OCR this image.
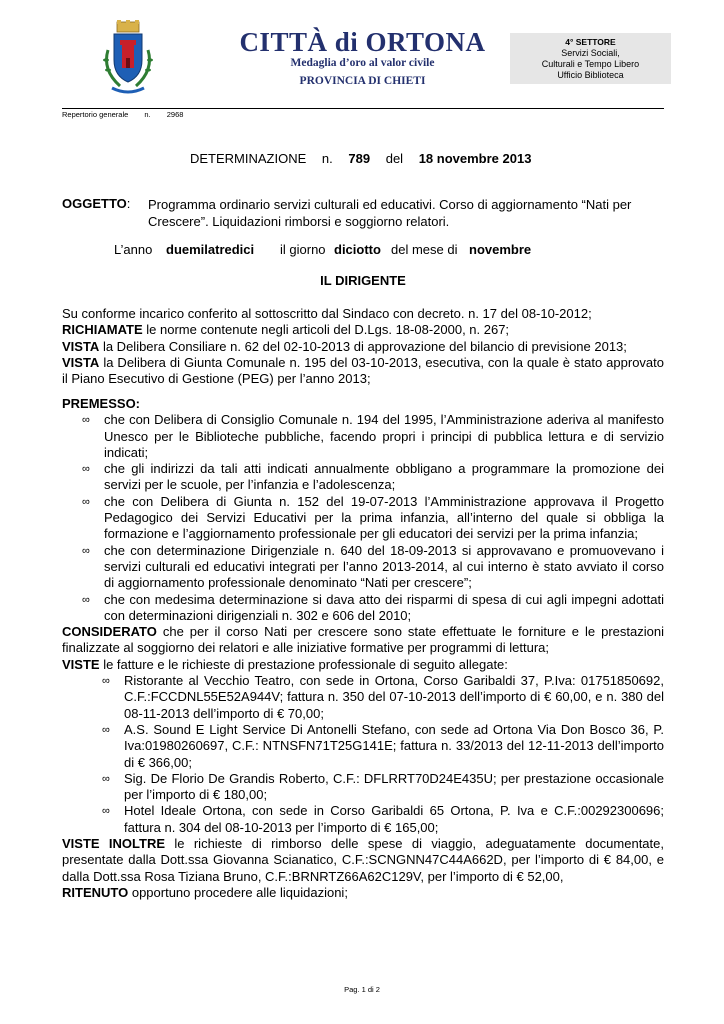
CITTÀ di ORTONA
Medaglia d’oro al valor civile
PROVINCIA DI CHIETI
4° SETTORE
Servizi Sociali,
Culturali e Tempo Libero
Ufficio Biblioteca
Repertorio generale n. 2968
DETERMINAZIONE n. 789 del 18 novembre 2013
OGGETTO: Programma ordinario servizi culturali ed educativi. Corso di aggiornamento “Nati per Crescere”. Liquidazioni rimborsi e soggiorno relatori.
L’anno duemilatredici il giorno diciotto del mese di novembre
IL DIRIGENTE
Su conforme incarico conferito al sottoscritto dal Sindaco con decreto. n. 17 del 08-10-2012;
RICHIAMATE le norme contenute negli articoli del D.Lgs. 18-08-2000, n. 267;
VISTA la Delibera Consiliare n. 62 del 02-10-2013 di approvazione del bilancio di previsione 2013;
VISTA la Delibera di Giunta Comunale n. 195 del 03-10-2013, esecutiva, con la quale è stato approvato il Piano Esecutivo di Gestione (PEG) per l’anno 2013;
PREMESSO:
∞ che con Delibera di Consiglio Comunale n. 194 del 1995, l’Amministrazione aderiva al manifesto Unesco per le Biblioteche pubbliche, facendo propri i principi di pubblica lettura e di servizio indicati;
∞ che gli indirizzi da tali atti indicati annualmente obbligano a programmare la promozione dei servizi per le scuole, per l’infanzia e l’adolescenza;
∞ che con Delibera di Giunta n. 152 del 19-07-2013 l’Amministrazione approvava il Progetto Pedagogico dei Servizi Educativi per la prima infanzia, all’interno del quale si obbliga la formazione e l’aggiornamento professionale per gli educatori dei servizi per la prima infanzia;
∞ che con determinazione Dirigenziale n. 640 del 18-09-2013 si approvavano e promuovevano i servizi culturali ed educativi integrati per l’anno 2013-2014, al cui interno è stato avviato il corso di aggiornamento professionale denominato “Nati per crescere”;
∞ che con medesima determinazione si dava atto dei risparmi di spesa di cui agli impegni adottati con determinazioni dirigenziali n. 302 e 606 del 2010;
CONSIDERATO che per il corso Nati per crescere sono state effettuate le forniture e le prestazioni finalizzate al soggiorno dei relatori e alle iniziative formative per programmi di lettura;
VISTE le fatture e le richieste di prestazione professionale di seguito allegate:
∞ Ristorante al Vecchio Teatro, con sede in Ortona, Corso Garibaldi 37, P.Iva: 01751850692, C.F.:FCCDNL55E52A944V; fattura n. 350 del 07-10-2013 dell’importo di € 60,00, e n. 380 del 08-11-2013 dell’importo di € 70,00;
∞ A.S. Sound E Light Service Di Antonelli Stefano, con sede ad Ortona Via Don Bosco 36, P. Iva:01980260697, C.F.: NTNSFN71T25G141E; fattura n. 33/2013 del 12-11-2013 dell’importo di € 366,00;
∞ Sig. De Florio De Grandis Roberto, C.F.: DFLRRT70D24E435U; per prestazione occasionale per l’importo di € 180,00;
∞ Hotel Ideale Ortona, con sede in Corso Garibaldi 65 Ortona, P. Iva e C.F.:00292300696; fattura n. 304 del 08-10-2013 per l’importo di € 165,00;
VISTE INOLTRE le richieste di rimborso delle spese di viaggio, adeguatamente documentate, presentate dalla Dott.ssa Giovanna Scianatico, C.F.:SCNGNN47C44A662D, per l’importo di € 84,00, e dalla Dott.ssa Rosa Tiziana Bruno, C.F.:BRNRTZ66A62C129V, per l’importo di € 52,00,
RITENUTO opportuno procedere alle liquidazioni;
Pag. 1 di 2
